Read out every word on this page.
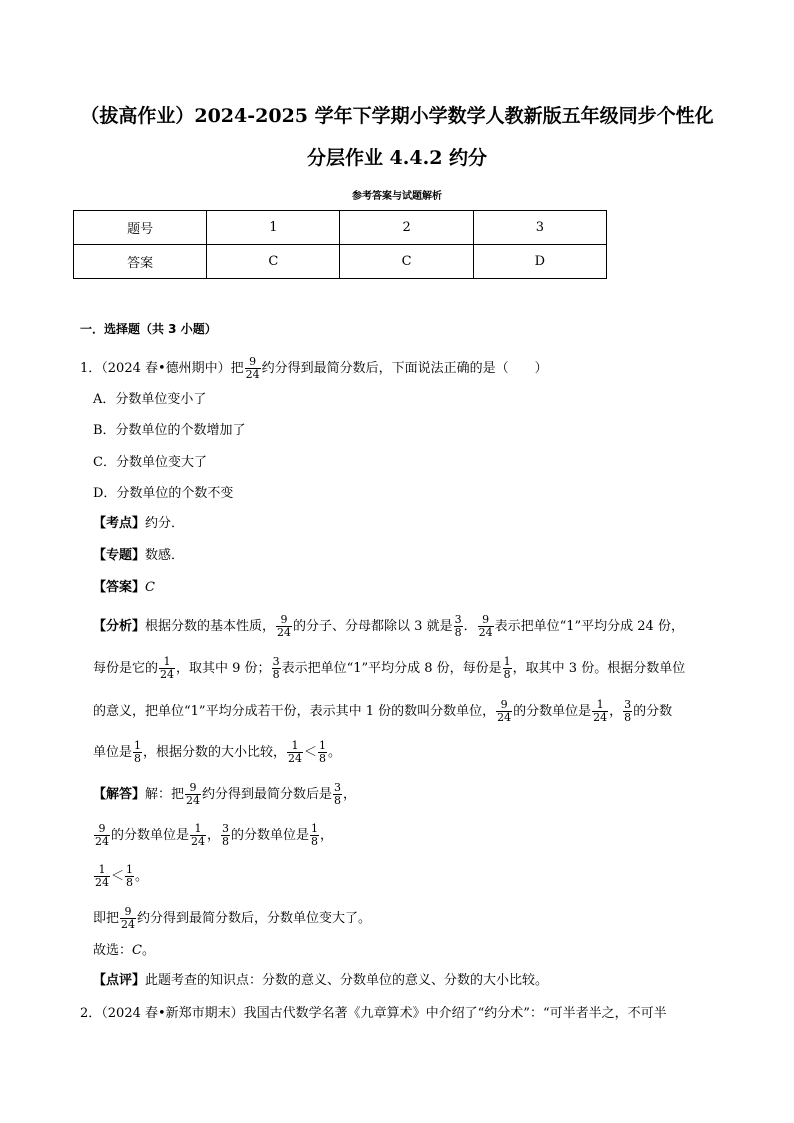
（拔高作业）2024-2025 学年下学期小学数学人教新版五年级同步个性化
分层作业 4.4.2 约分
参考答案与试题解析
题号	1	2	3
答案	C	C	D
一．选择题（共 3 小题）
1．（2024 春•德州期中）把 $\frac{9}{24}$ 约分得到最简分数后，下面说法正确的是（　　）
A．分数单位变小了
B．分数单位的个数增加了
C．分数单位变大了
D．分数单位的个数不变
【考点】约分．
【专题】数感．
【答案】C
【分析】根据分数的基本性质， $\frac{9}{24}$ 的分子、分母都除以 3 就是 $\frac{3}{8}$ ． $\frac{9}{24}$ 表示把单位“1”平均分成 24 份，
每份是它的 $\frac{1}{24}$ ，取其中 9 份； $\frac{3}{8}$ 表示把单位“1”平均分成 8 份，每份是 $\frac{1}{8}$ ，取其中 3 份。根据分数单位
的意义，把单位“1”平均分成若干份，表示其中 1 份的数叫分数单位， $\frac{9}{24}$ 的分数单位是 $\frac{1}{24}$ ， $\frac{3}{8}$ 的分数
单位是 $\frac{1}{8}$ ，根据分数的大小比较， $\frac{1}{24} < \frac{1}{8}$ 。
【解答】解：把 $\frac{9}{24}$ 约分得到最简分数后是 $\frac{3}{8}$ ，
$\frac{9}{24}$ 的分数单位是 $\frac{1}{24}$ ， $\frac{3}{8}$ 的分数单位是 $\frac{1}{8}$ ，
$\frac{1}{24} < \frac{1}{8}$ 。
即把 $\frac{9}{24}$ 约分得到最简分数后，分数单位变大了。
故选：C。
【点评】此题考查的知识点：分数的意义、分数单位的意义、分数的大小比较。
2．（2024 春•新郑市期末）我国古代数学名著《九章算术》中介绍了“约分术”：“可半者半之，不可半
